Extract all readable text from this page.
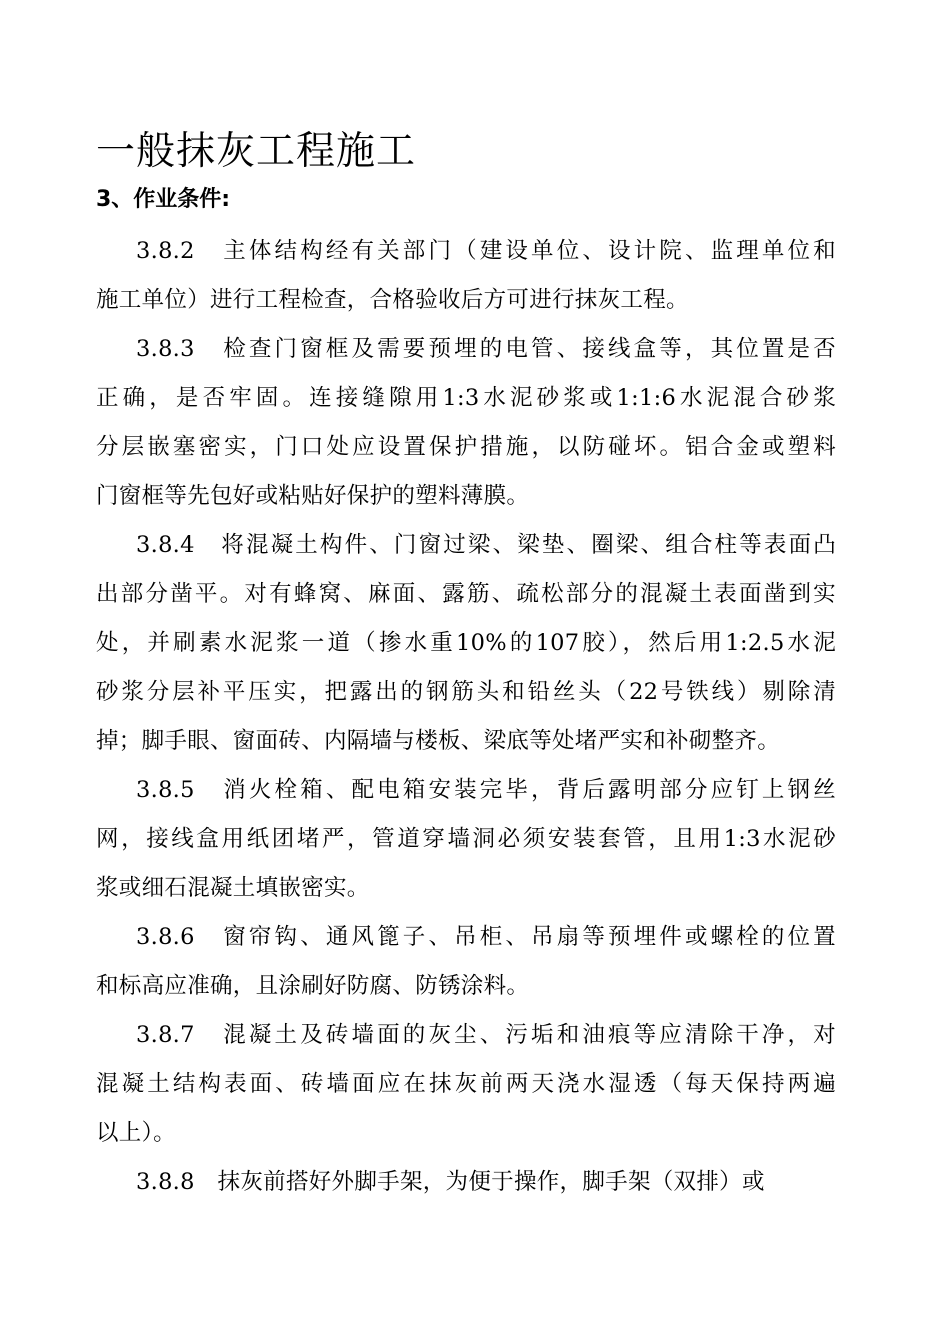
一般抹灰工程施工
3、作业条件:
3.8.2　主体结构经有关部门（建设单位、设计院、监理单位和
施工单位）进行工程检查，合格验收后方可进行抹灰工程。
3.8.3　检查门窗框及需要预埋的电管、接线盒等，其位置是否
正确，是否牢固。连接缝隙用1:3水泥砂浆或1:1:6水泥混合砂浆
分层嵌塞密实，门口处应设置保护措施，以防碰坏。铝合金或塑料
门窗框等先包好或粘贴好保护的塑料薄膜。
3.8.4　将混凝土构件、门窗过梁、梁垫、圈梁、组合柱等表面凸
出部分凿平。对有蜂窝、麻面、露筋、疏松部分的混凝土表面凿到实
处，并刷素水泥浆一道（掺水重10%的107胶），然后用1:2.5水泥
砂浆分层补平压实，把露出的钢筋头和铅丝头（22号铁线）剔除清
掉；脚手眼、窗面砖、内隔墙与楼板、梁底等处堵严实和补砌整齐。
3.8.5　消火栓箱、配电箱安装完毕，背后露明部分应钉上钢丝
网，接线盒用纸团堵严，管道穿墙洞必须安装套管，且用1:3水泥砂
浆或细石混凝土填嵌密实。
3.8.6　窗帘钩、通风篦子、吊柜、吊扇等预埋件或螺栓的位置
和标高应准确，且涂刷好防腐、防锈涂料。
3.8.7　混凝土及砖墙面的灰尘、污垢和油痕等应清除干净，对
混凝土结构表面、砖墙面应在抹灰前两天浇水湿透（每天保持两遍
以上）。
3.8.8　抹灰前搭好外脚手架，为便于操作，脚手架（双排）或
